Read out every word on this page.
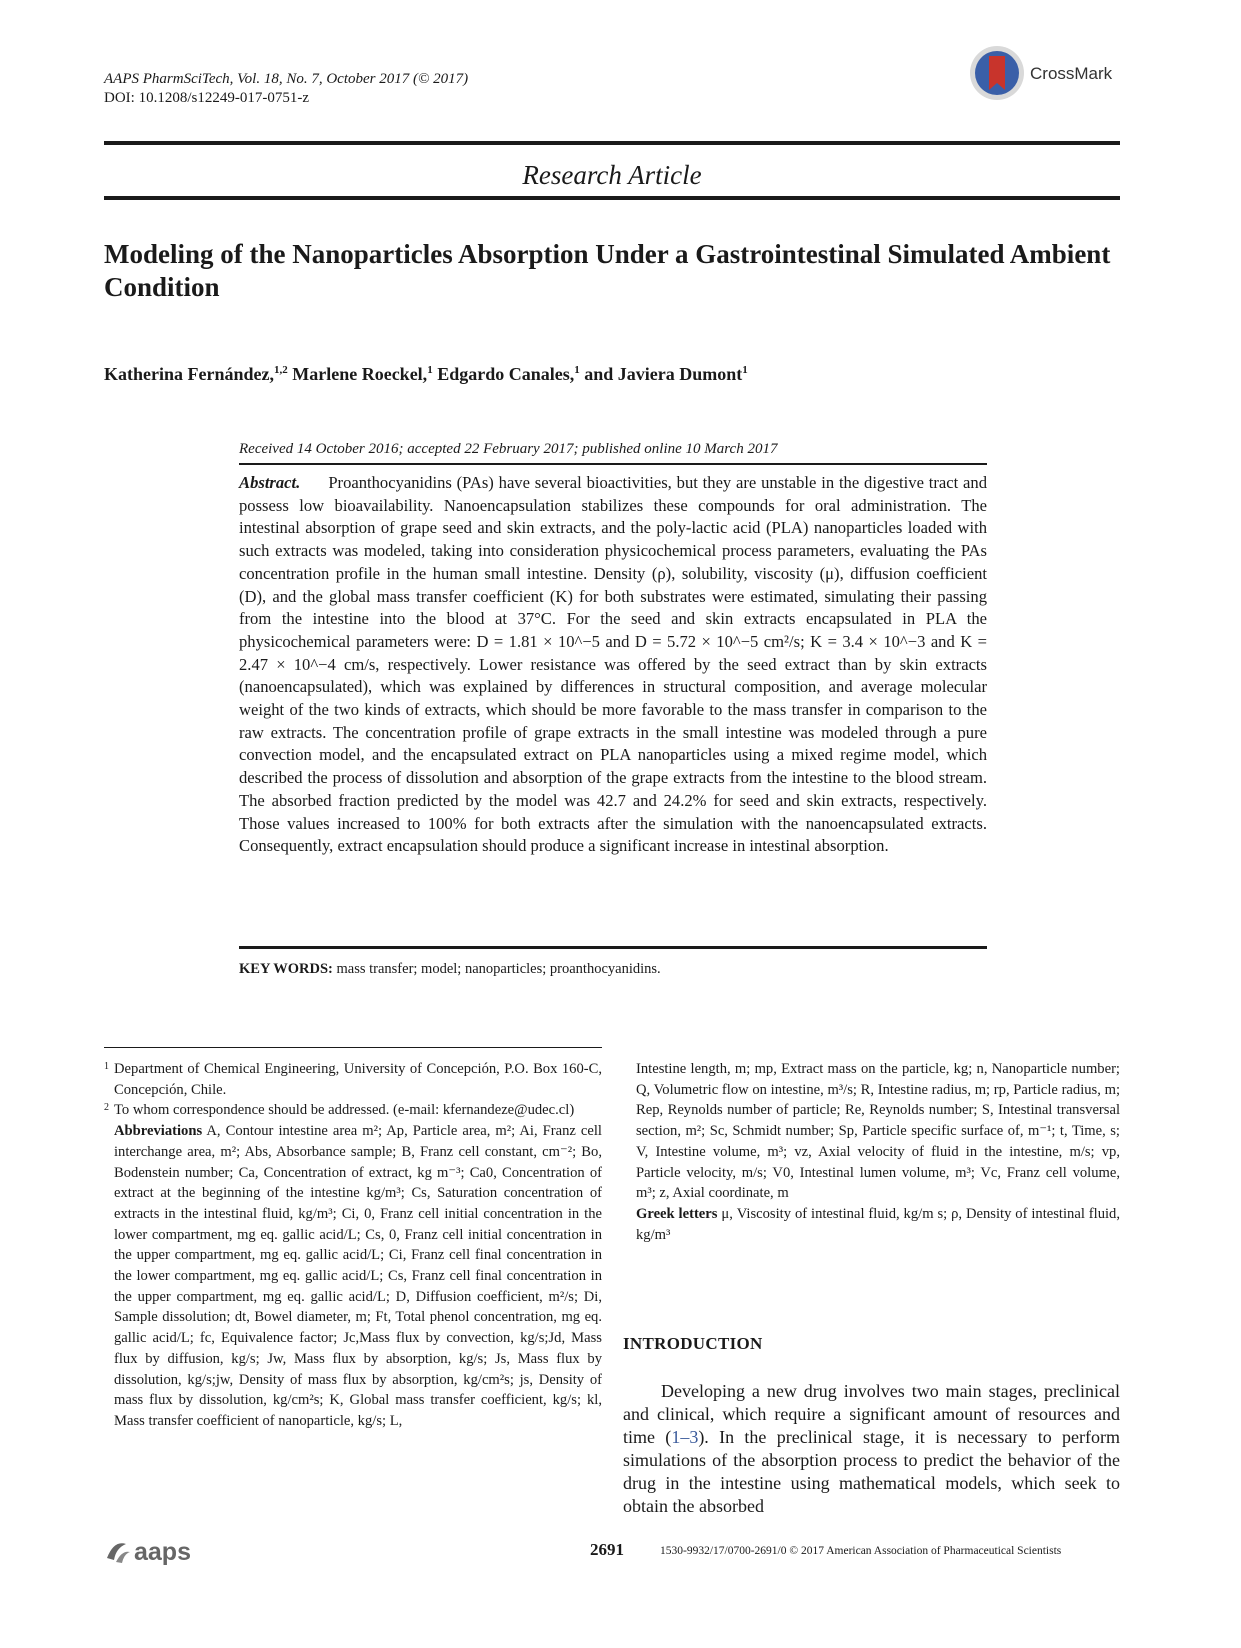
AAPS PharmSciTech, Vol. 18, No. 7, October 2017 (© 2017)
DOI: 10.1208/s12249-017-0751-z
CrossMark
Research Article
Modeling of the Nanoparticles Absorption Under a Gastrointestinal Simulated Ambient Condition
Katherina Fernández,$^{1,2}$ Marlene Roeckel,$^1$ Edgardo Canales,$^1$ and Javiera Dumont$^1$
Received 14 October 2016; accepted 22 February 2017; published online 10 March 2017
Abstract. Proanthocyanidins (PAs) have several bioactivities, but they are unstable in the digestive tract and possess low bioavailability. Nanoencapsulation stabilizes these compounds for oral administration. The intestinal absorption of grape seed and skin extracts, and the poly-lactic acid (PLA) nanoparticles loaded with such extracts was modeled, taking into consideration physicochemical process parameters, evaluating the PAs concentration profile in the human small intestine. Density (ρ), solubility, viscosity (μ), diffusion coefficient (D), and the global mass transfer coefficient (K) for both substrates were estimated, simulating their passing from the intestine into the blood at 37°C. For the seed and skin extracts encapsulated in PLA the physicochemical parameters were: D = 1.81 × 10^−5 and D = 5.72 × 10^−5 cm²/s; K = 3.4 × 10^−3 and K = 2.47 × 10^−4 cm/s, respectively. Lower resistance was offered by the seed extract than by skin extracts (nanoencapsulated), which was explained by differences in structural composition, and average molecular weight of the two kinds of extracts, which should be more favorable to the mass transfer in comparison to the raw extracts. The concentration profile of grape extracts in the small intestine was modeled through a pure convection model, and the encapsulated extract on PLA nanoparticles using a mixed regime model, which described the process of dissolution and absorption of the grape extracts from the intestine to the blood stream. The absorbed fraction predicted by the model was 42.7 and 24.2% for seed and skin extracts, respectively. Those values increased to 100% for both extracts after the simulation with the nanoencapsulated extracts. Consequently, extract encapsulation should produce a significant increase in intestinal absorption.
KEY WORDS: mass transfer; model; nanoparticles; proanthocyanidins.
1 Department of Chemical Engineering, University of Concepción, P.O. Box 160-C, Concepción, Chile.
2 To whom correspondence should be addressed. (e-mail: kfernandeze@udec.cl)
Abbreviations A, Contour intestine area m²; Ap, Particle area, m²; Ai, Franz cell interchange area, m²; Abs, Absorbance sample; B, Franz cell constant, cm⁻²; Bo, Bodenstein number; Ca, Concentration of extract, kg m⁻³; Ca0, Concentration of extract at the beginning of the intestine kg/m³; Cs, Saturation concentration of extracts in the intestinal fluid, kg/m³; Ci, 0, Franz cell initial concentration in the lower compartment, mg eq. gallic acid/L; Cs, 0, Franz cell initial concentration in the upper compartment, mg eq. gallic acid/L; Ci, Franz cell final concentration in the lower compartment, mg eq. gallic acid/L; Cs, Franz cell final concentration in the upper compartment, mg eq. gallic acid/L; D, Diffusion coefficient, m²/s; Di, Sample dissolution; dt, Bowel diameter, m; Ft, Total phenol concentration, mg eq. gallic acid/L; fc, Equivalence factor; Jc,Mass flux by convection, kg/s;Jd, Mass flux by diffusion, kg/s; Jw, Mass flux by absorption, kg/s; Js, Mass flux by dissolution, kg/s;jw, Density of mass flux by absorption, kg/cm²s; js, Density of mass flux by dissolution, kg/cm²s; K, Global mass transfer coefficient, kg/s; kl, Mass transfer coefficient of nanoparticle, kg/s; L,
Intestine length, m; mp, Extract mass on the particle, kg; n, Nanoparticle number; Q, Volumetric flow on intestine, m³/s; R, Intestine radius, m; rp, Particle radius, m; Rep, Reynolds number of particle; Re, Reynolds number; S, Intestinal transversal section, m²; Sc, Schmidt number; Sp, Particle specific surface of, m⁻¹; t, Time, s; V, Intestine volume, m³; vz, Axial velocity of fluid in the intestine, m/s; vp, Particle velocity, m/s; V0, Intestinal lumen volume, m³; Vc, Franz cell volume, m³; z, Axial coordinate, m
Greek letters μ, Viscosity of intestinal fluid, kg/m s; ρ, Density of intestinal fluid, kg/m³
INTRODUCTION
Developing a new drug involves two main stages, preclinical and clinical, which require a significant amount of resources and time (1–3). In the preclinical stage, it is necessary to perform simulations of the absorption process to predict the behavior of the drug in the intestine using mathematical models, which seek to obtain the absorbed
aaps	2691	1530-9932/17/0700-2691/0 © 2017 American Association of Pharmaceutical Scientists
